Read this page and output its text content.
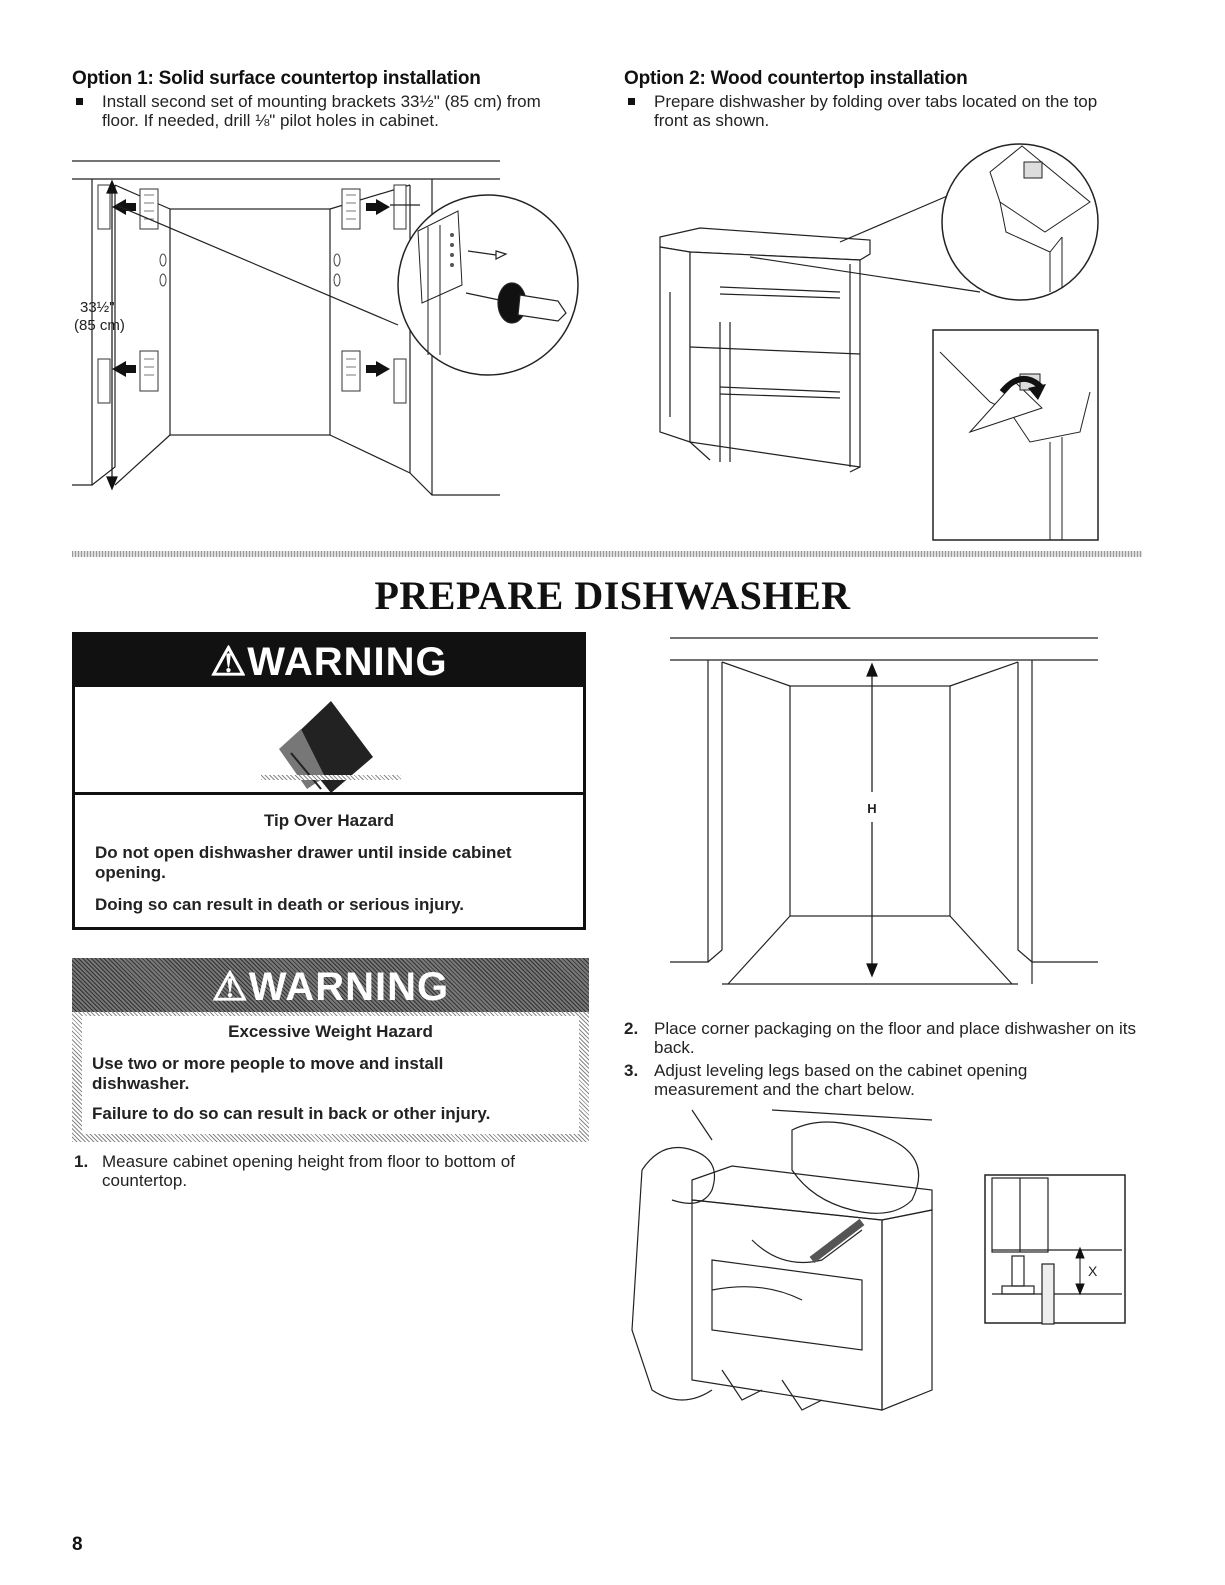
Option 1: Solid surface countertop installation
Install second set of mounting brackets 33½" (85 cm) from floor. If needed, drill ⅛" pilot holes in cabinet.
Option 2: Wood countertop installation
Prepare dishwasher by folding over tabs located on the top front as shown.
33½"
(85 cm)
PREPARE DISHWASHER
⚠WARNING
Tip Over Hazard
Do not open dishwasher drawer until inside cabinet opening.
Doing so can result in death or serious injury.
⚠WARNING
Excessive Weight Hazard
Use two or more people to move and install dishwasher.
Failure to do so can result in back or other injury.
1. Measure cabinet opening height from floor to bottom of countertop.
H
2. Place corner packaging on the floor and place dishwasher on its back.
3. Adjust leveling legs based on the cabinet opening measurement and the chart below.
X
8
